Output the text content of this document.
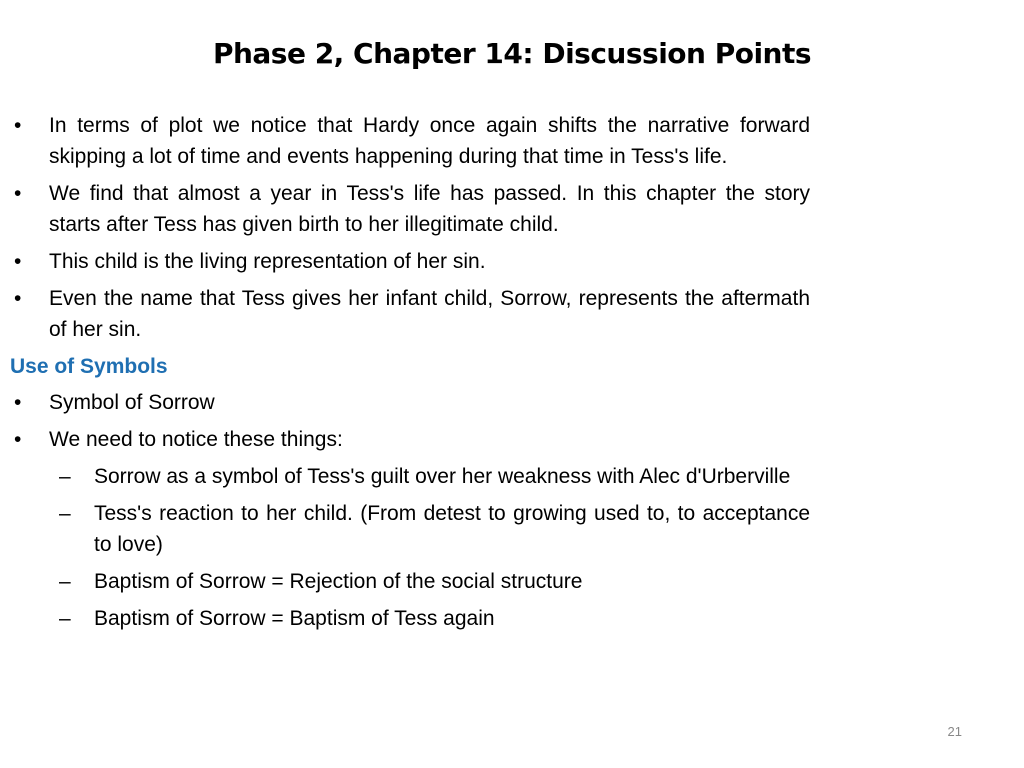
Phase 2, Chapter 14: Discussion Points
• In terms of plot we notice that Hardy once again shifts the narrative forward skipping a lot of time and events happening during that time in Tess's life.
• We find that almost a year in Tess's life has passed. In this chapter the story starts after Tess has given birth to her illegitimate child.
• This child is the living representation of her sin.
• Even the name that Tess gives her infant child, Sorrow, represents the aftermath of her sin.
Use of Symbols
• Symbol of Sorrow
• We need to notice these things:
– Sorrow as a symbol of Tess's guilt over her weakness with Alec d'Urberville
– Tess's reaction to her child. (From detest to growing used to, to acceptance to love)
– Baptism of Sorrow = Rejection of the social structure
– Baptism of Sorrow = Baptism of Tess again
21
